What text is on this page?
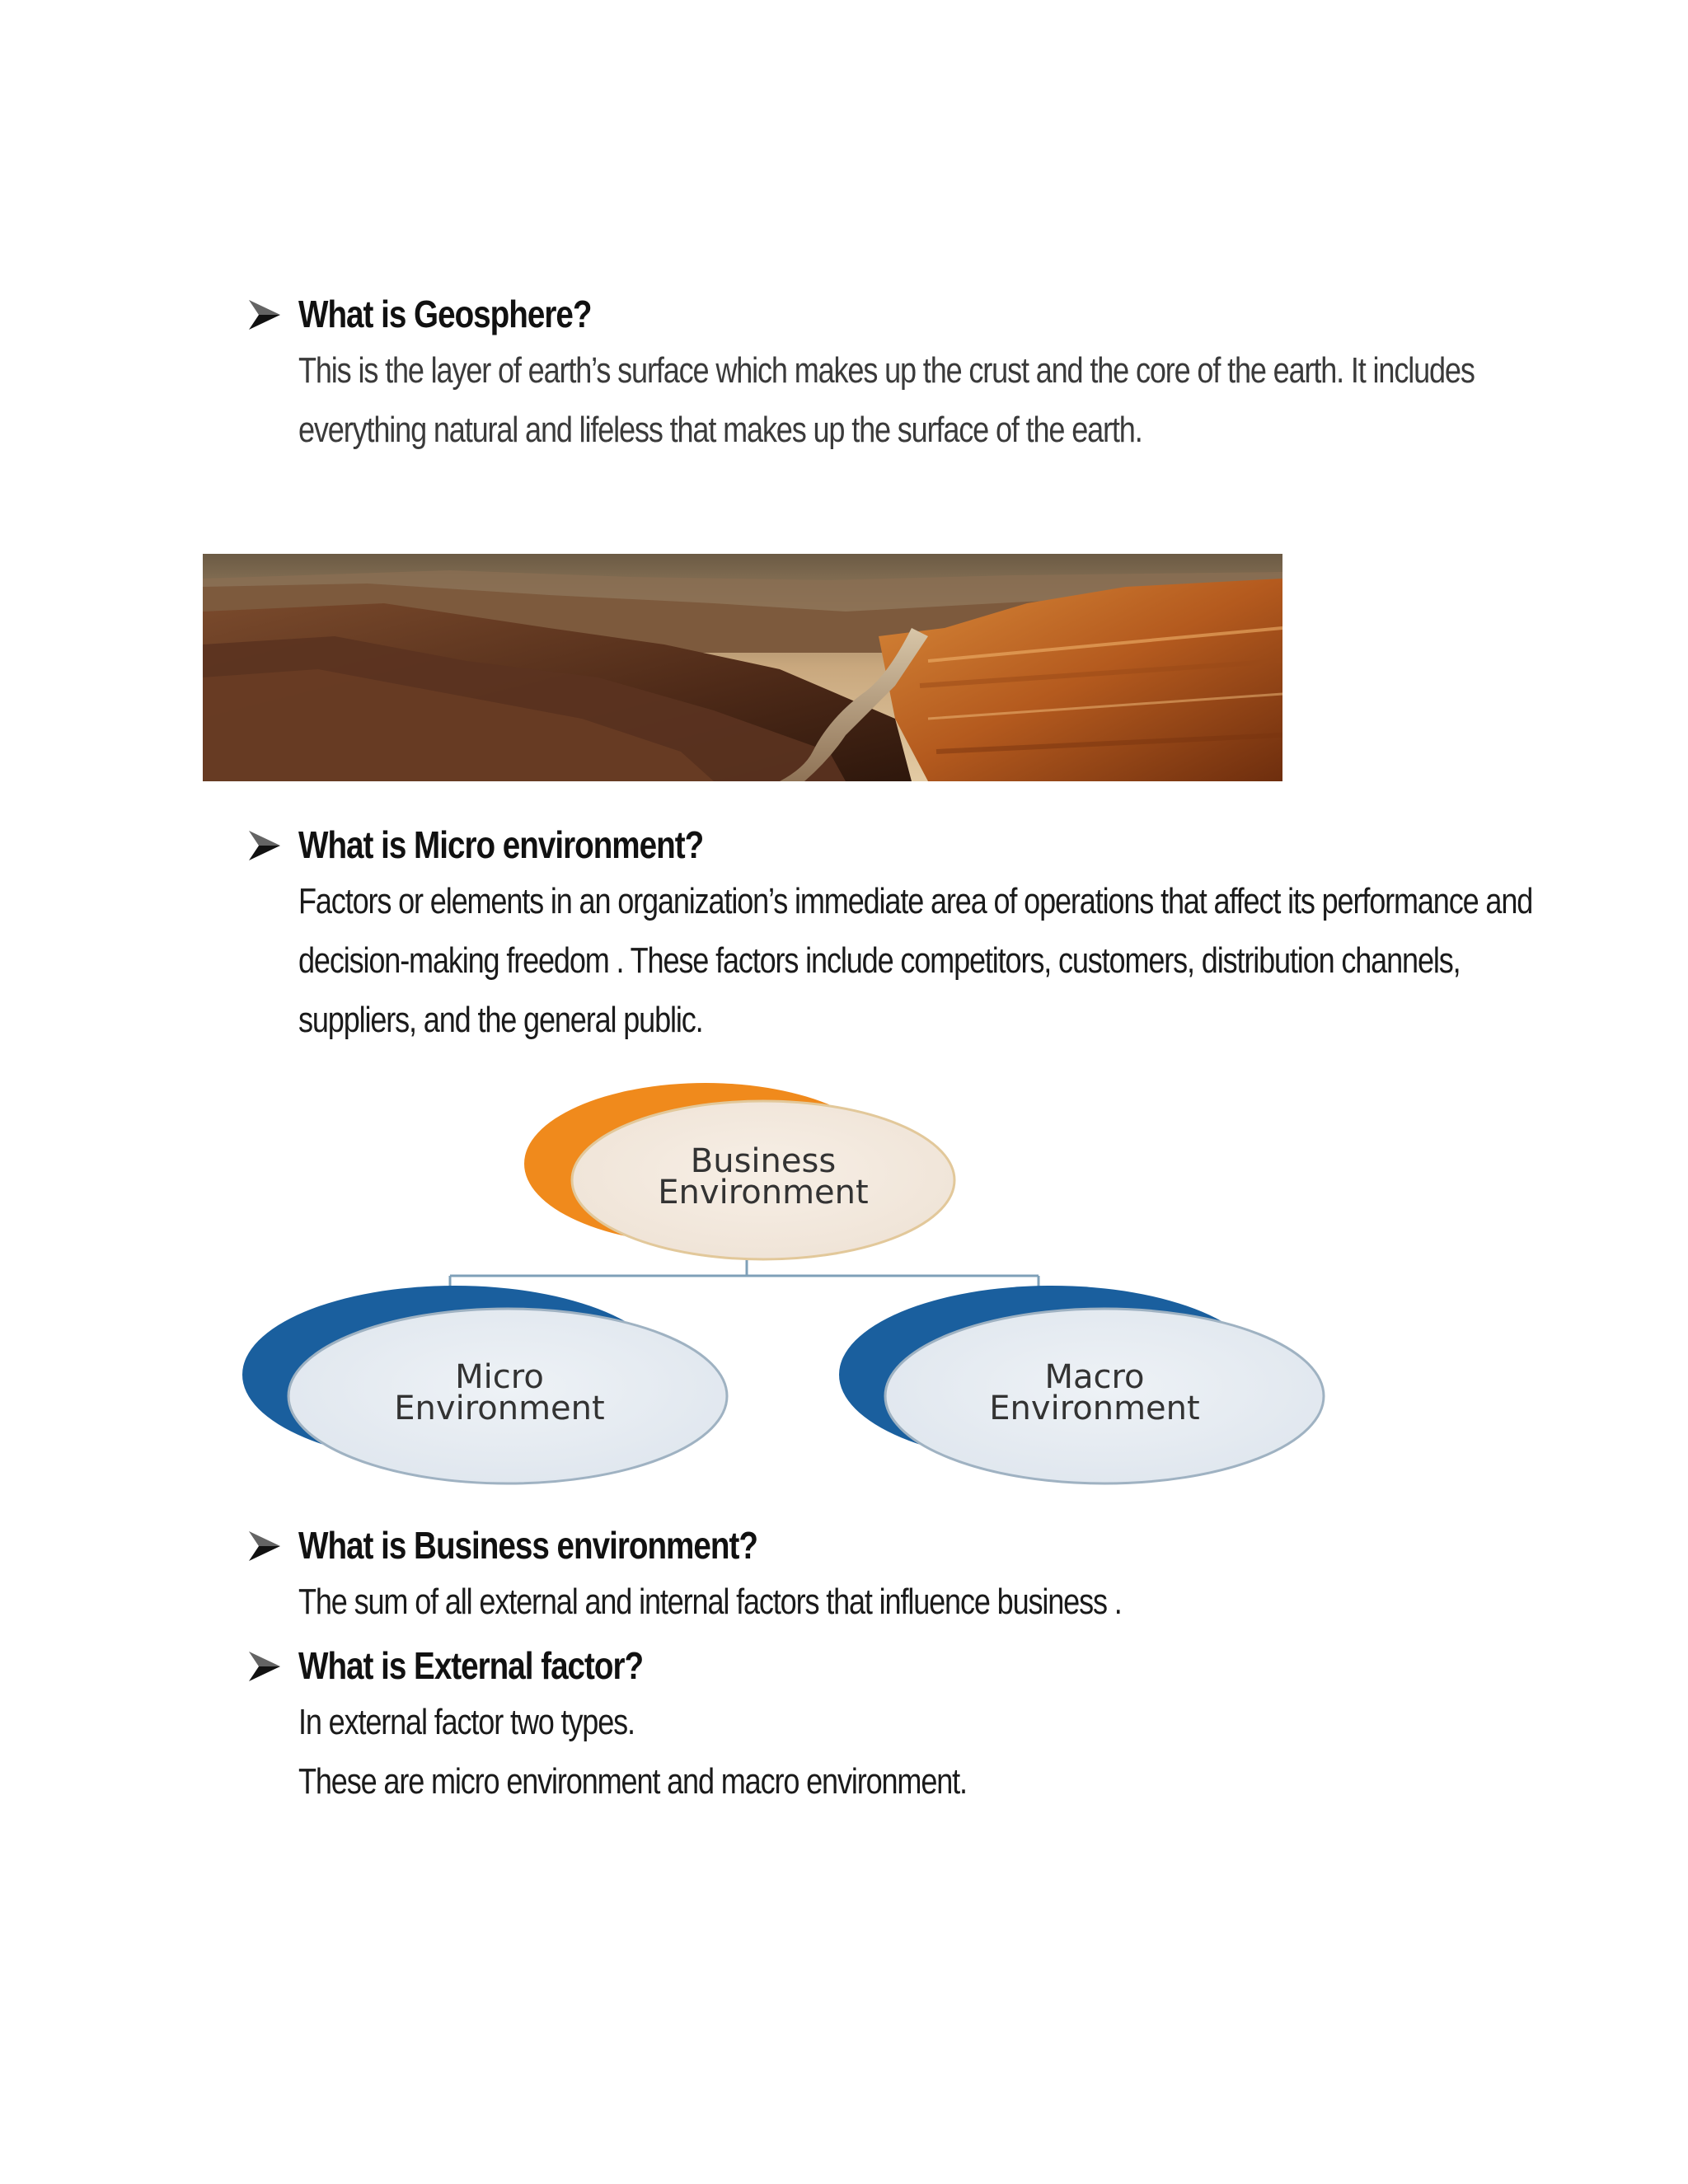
What is Geosphere?

This is the layer of earth’s surface which makes up the crust and the core of the earth. It includes everything natural and lifeless that makes up the surface of the earth.

What is Micro environment?

Factors or elements in an organization’s immediate area of operations that affect its performance and decision-making freedom . These factors include competitors, customers, distribution channels, suppliers, and the general public.

Business
Environment
Micro
Environment
Macro
Environment
What is Business environment?

The sum of all external and internal factors that influence business .

What is External factor?

In external factor two types.

These are micro environment and macro environment.
